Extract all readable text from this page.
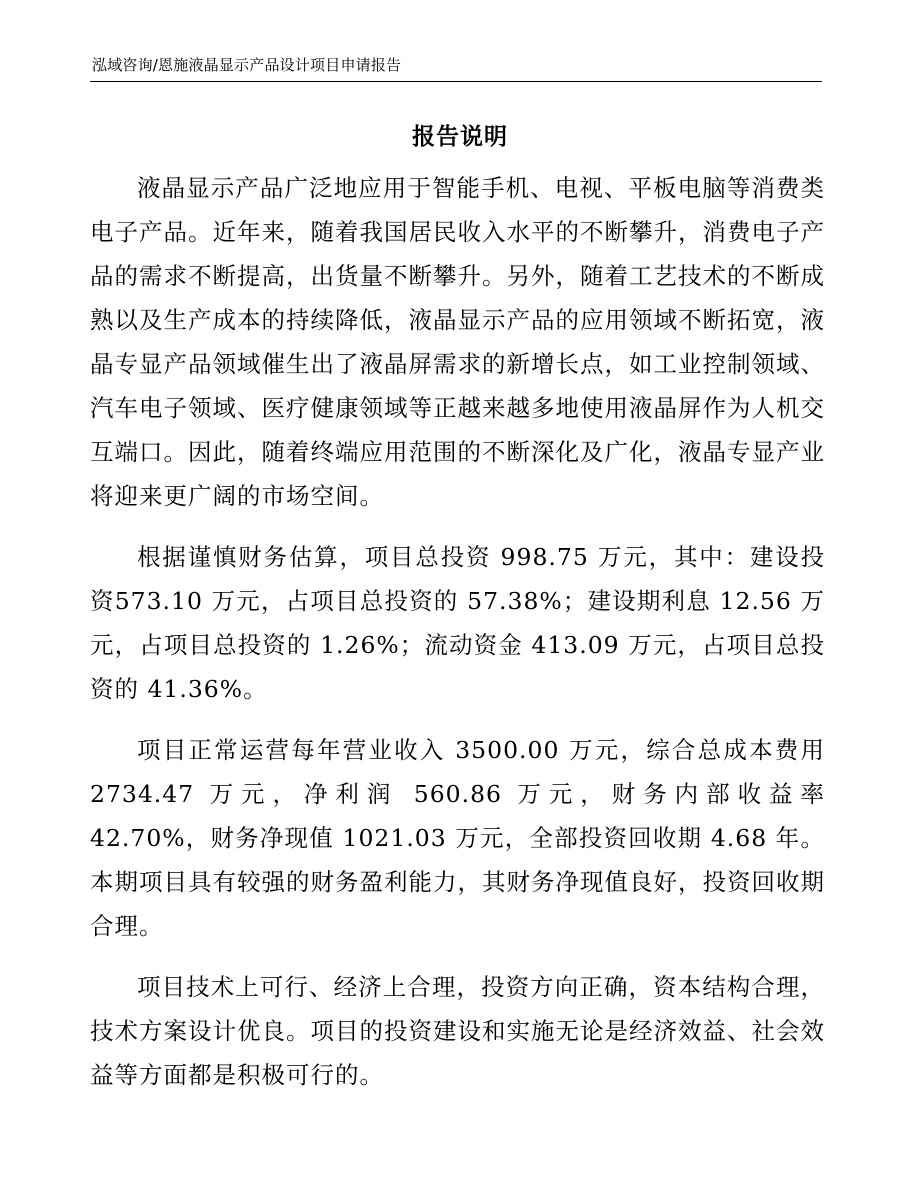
泓域咨询/恩施液晶显示产品设计项目申请报告
报告说明

液晶显示产品广泛地应用于智能手机、电视、平板电脑等消费类电子产品。近年来，随着我国居民收入水平的不断攀升，消费电子产品的需求不断提高，出货量不断攀升。另外，随着工艺技术的不断成熟以及生产成本的持续降低，液晶显示产品的应用领域不断拓宽，液晶专显产品领域催生出了液晶屏需求的新增长点，如工业控制领域、汽车电子领域、医疗健康领域等正越来越多地使用液晶屏作为人机交互端口。因此，随着终端应用范围的不断深化及广化，液晶专显产业将迎来更广阔的市场空间。

根据谨慎财务估算，项目总投资 998.75 万元，其中：建设投资573.10 万元，占项目总投资的 57.38%；建设期利息 12.56 万元，占项目总投资的 1.26%；流动资金 413.09 万元，占项目总投资的 41.36%。

项目正常运营每年营业收入 3500.00 万元，综合总成本费用2734.47 万元，净利润 560.86 万元，财务内部收益率 42.70%，财务净现值 1021.03 万元，全部投资回收期 4.68 年。本期项目具有较强的财务盈利能力，其财务净现值良好，投资回收期合理。

项目技术上可行、经济上合理，投资方向正确，资本结构合理，技术方案设计优良。项目的投资建设和实施无论是经济效益、社会效益等方面都是积极可行的。
